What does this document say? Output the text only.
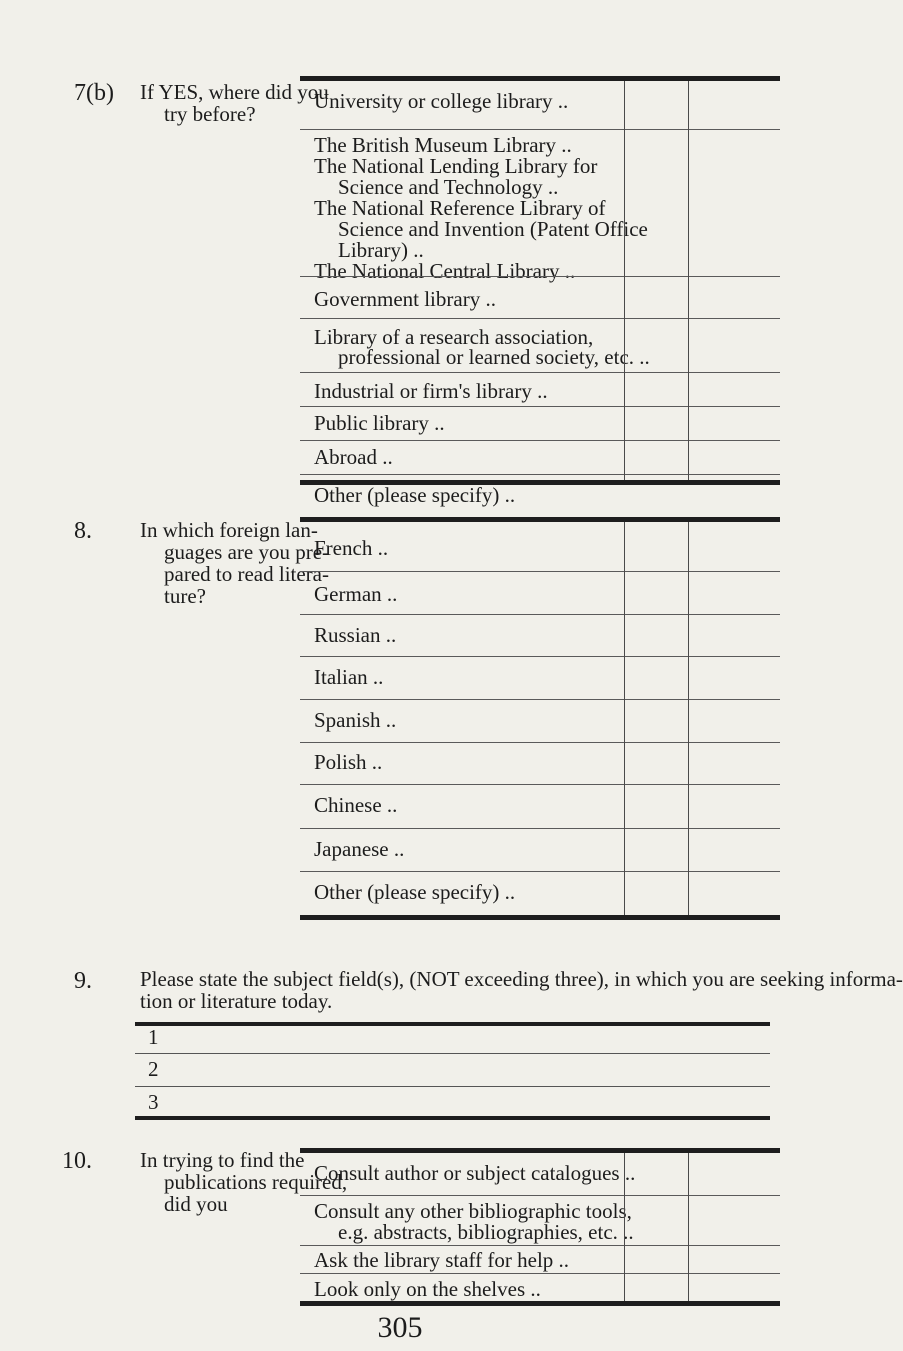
7(b) If YES, where did you
try before?
University or college library ..
The British Museum Library ..
The National Lending Library for

Science and Technology ..
The National Reference Library of

Science and Invention (Patent Office
Library) ..
The National Central Library ..
Government library ..
Library of a research association,

professional or learned society, etc. ..
Industrial or firm's library ..
Public library ..
Abroad ..
Other (please specify) ..
8. In which foreign lan-
guages are you pre-
pared to read litera-
ture?
French ..
German ..
Russian ..
Italian ..
Spanish ..
Polish ..
Chinese ..
Japanese ..
Other (please specify) ..
9. Please state the subject field(s), (NOT exceeding three), in which you are seeking informa-
tion or literature today.
1
2
3
10. In trying to find the
publications required,
did you
Consult author or subject catalogues ..
Consult any other bibliographic tools,

e.g. abstracts, bibliographies, etc. ..
Ask the library staff for help ..
Look only on the shelves ..
305
